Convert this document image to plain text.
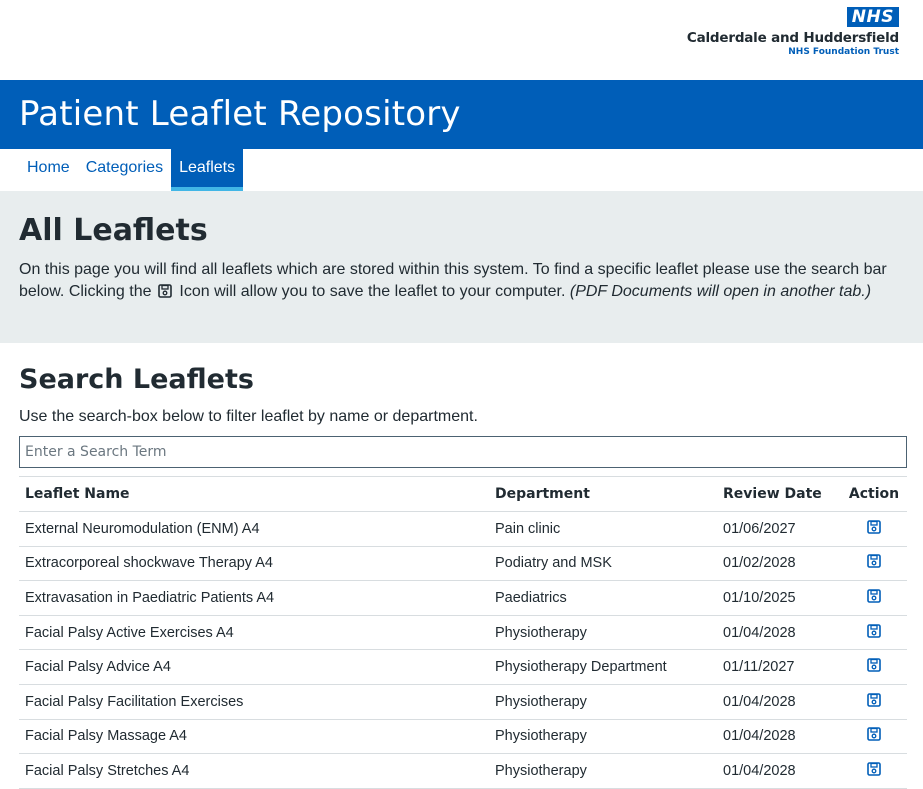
NHS
Calderdale and Huddersfield
NHS Foundation Trust
Patient Leaflet Repository
Home	Categories	Leaflets
All Leaflets

On this page you will find all leaflets which are stored within this system. To find a specific leaflet please use the search bar below. Clicking the Icon will allow you to save the leaflet to your computer. (PDF Documents will open in another tab.)

Search Leaflets

Use the search-box below to filter leaflet by name or department.

Enter a Search Term
Leaflet Name	Department	Review Date	Action
External Neuromodulation (ENM) A4	Pain clinic	01/06/2027	
Extracorporeal shockwave Therapy A4	Podiatry and MSK	01/02/2028	
Extravasation in Paediatric Patients A4	Paediatrics	01/10/2025	
Facial Palsy Active Exercises A4	Physiotherapy	01/04/2028	
Facial Palsy Advice A4	Physiotherapy Department	01/11/2027	
Facial Palsy Facilitation Exercises	Physiotherapy	01/04/2028	
Facial Palsy Massage A4	Physiotherapy	01/04/2028	
Facial Palsy Stretches A4	Physiotherapy	01/04/2028	
